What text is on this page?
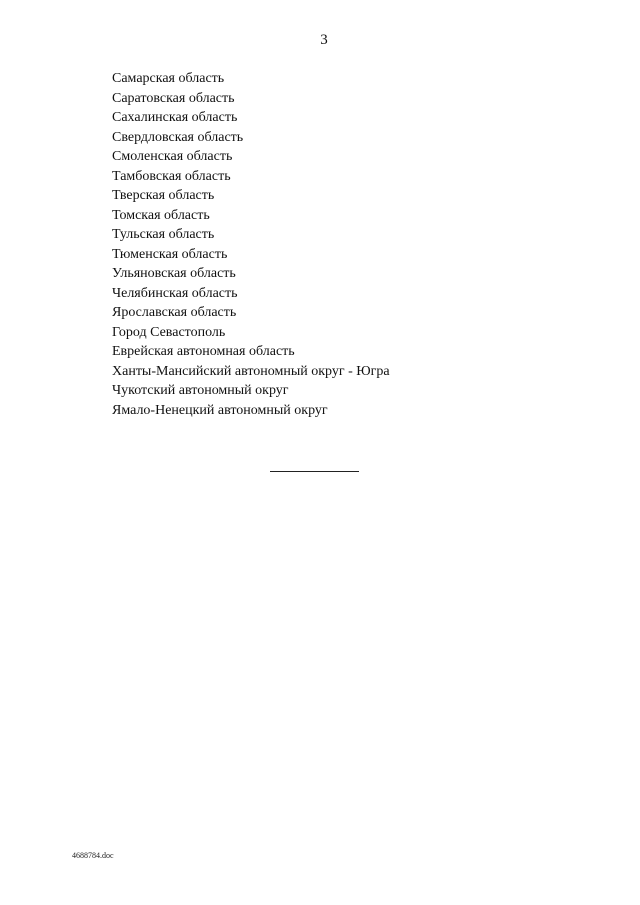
3
Самарская область
Саратовская область
Сахалинская область
Свердловская область
Смоленская область
Тамбовская область
Тверская область
Томская область
Тульская область
Тюменская область
Ульяновская область
Челябинская область
Ярославская область
Город Севастополь
Еврейская автономная область
Ханты-Мансийский автономный округ - Югра
Чукотский автономный округ
Ямало-Ненецкий автономный округ
4688784.doc
